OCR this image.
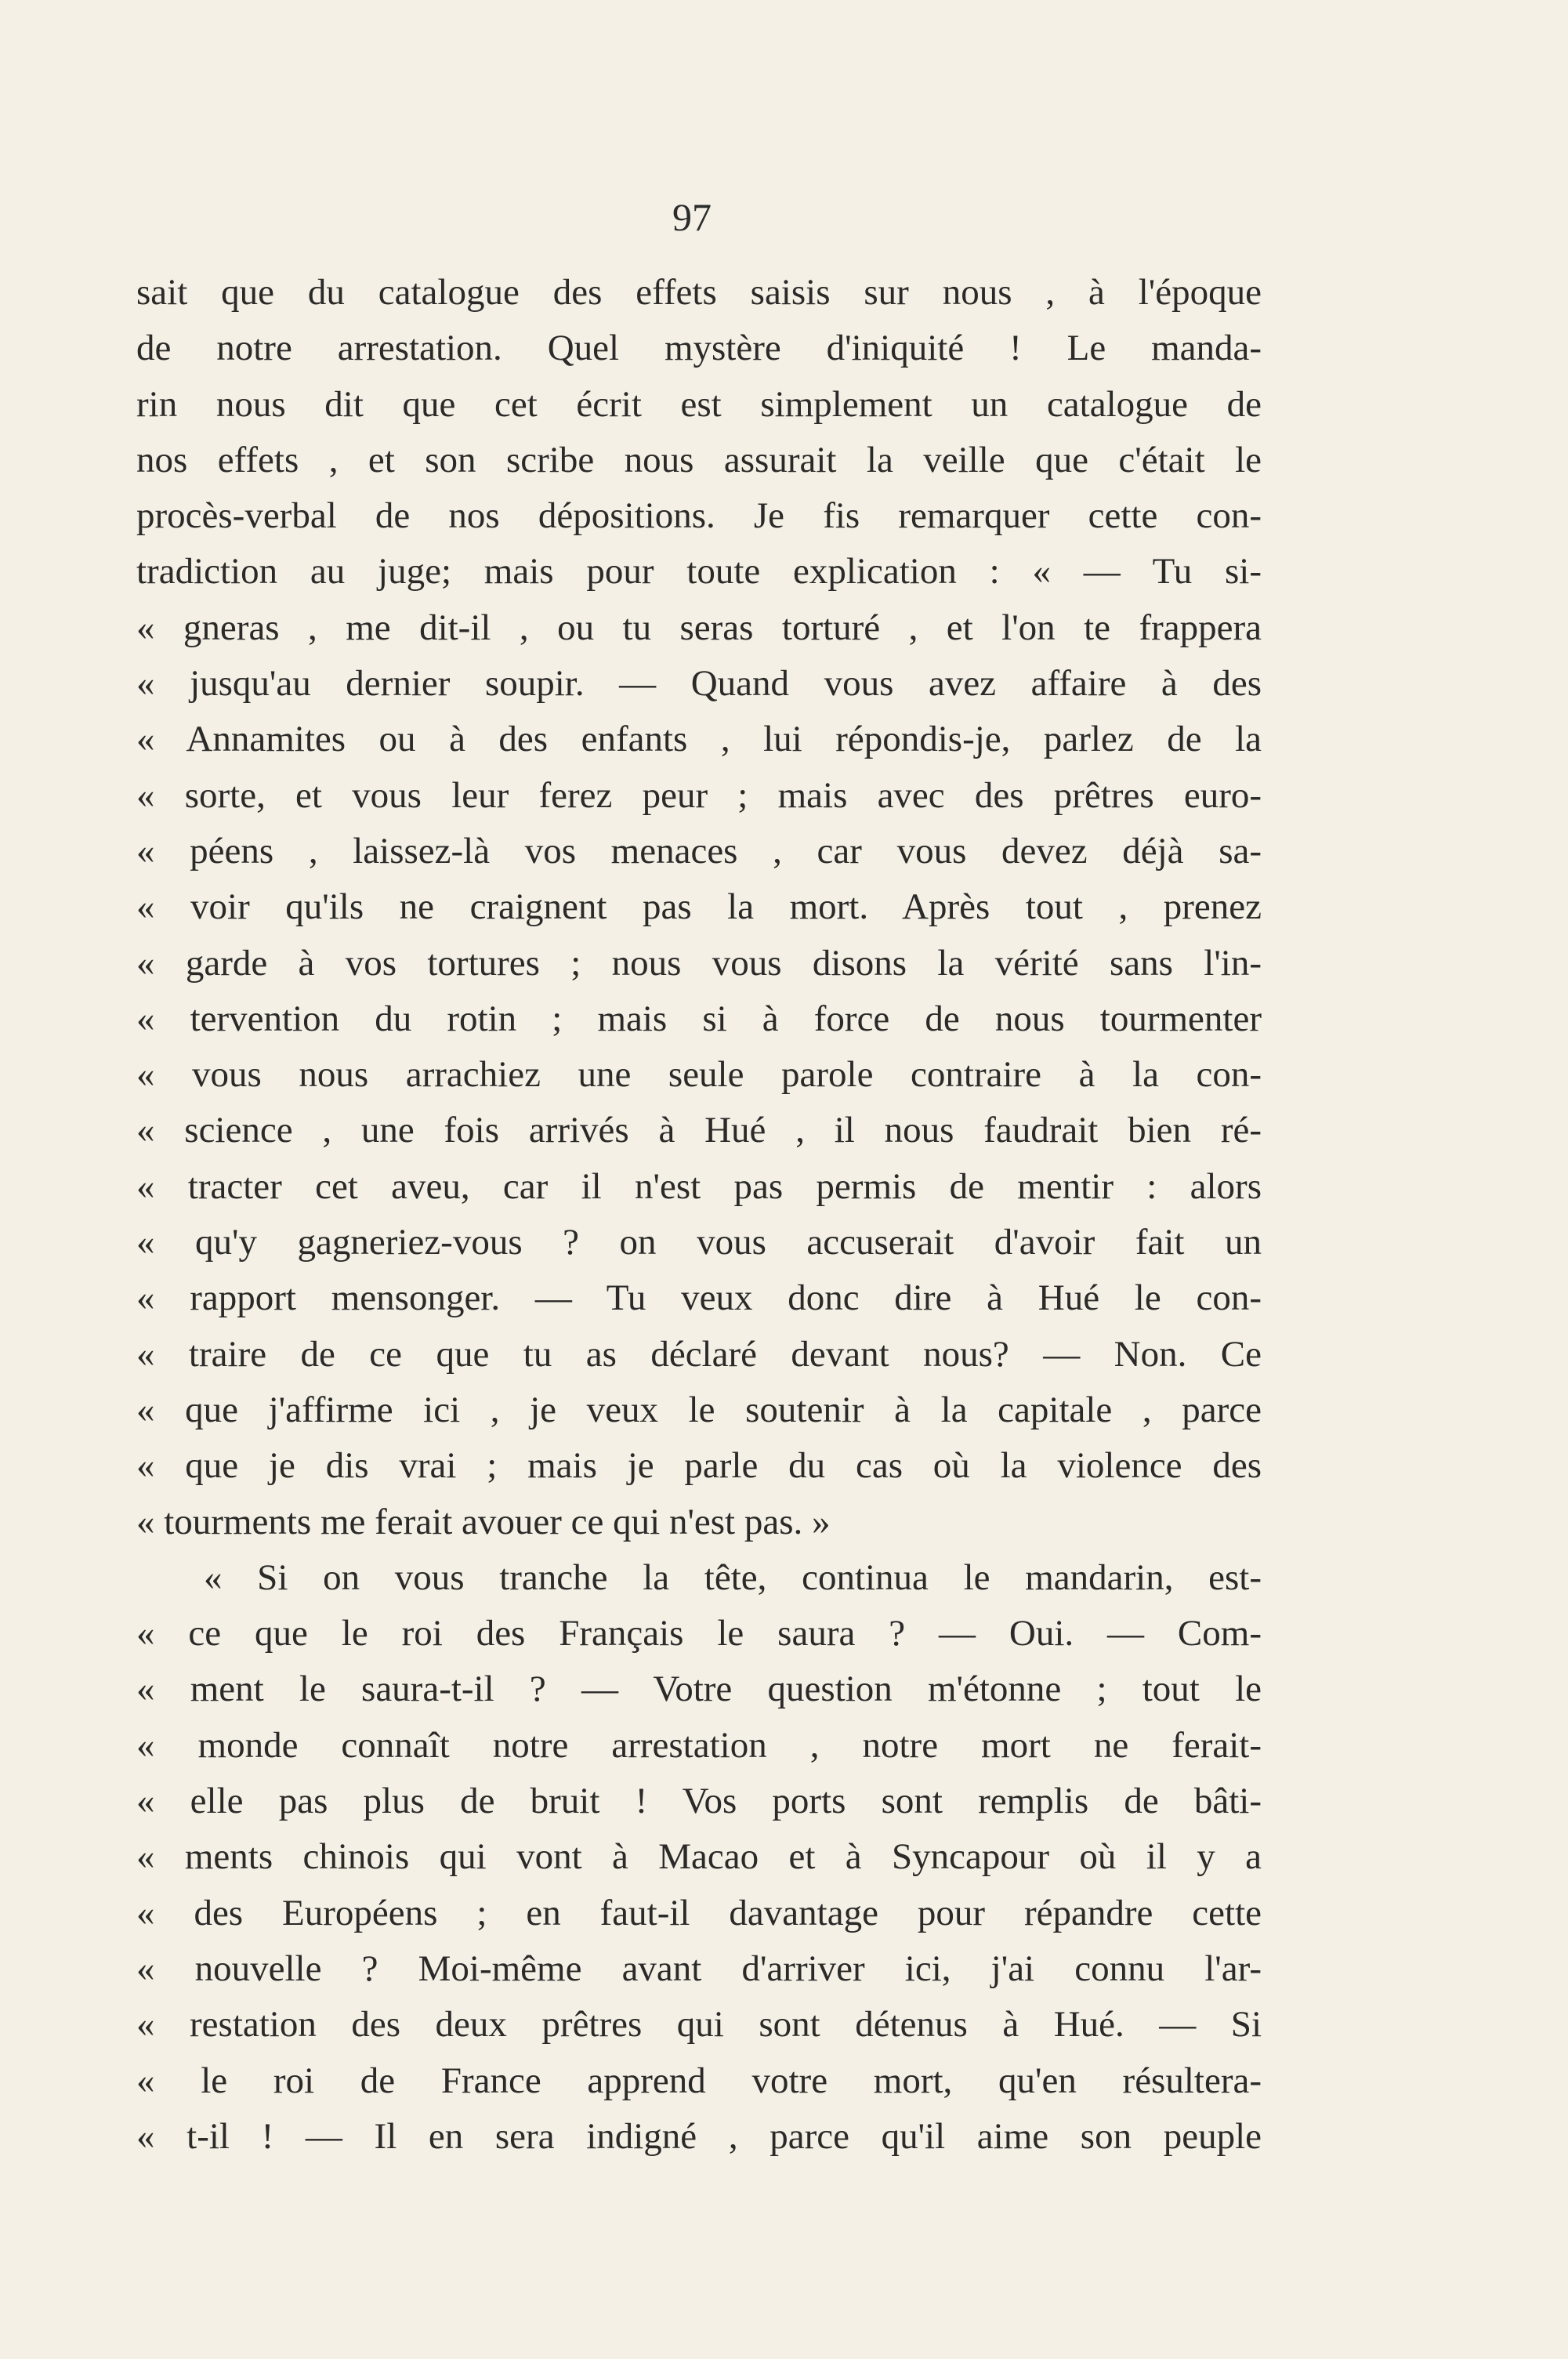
97
sait que du catalogue des effets saisis sur nous , à l'époque
de notre arrestation. Quel mystère d'iniquité ! Le manda-
rin nous dit que cet écrit est simplement un catalogue de
nos effets , et son scribe nous assurait la veille que c'était le
procès-verbal de nos dépositions. Je fis remarquer cette con-
tradiction au juge; mais pour toute explication : « — Tu si-
« gneras , me dit-il , ou tu seras torturé , et l'on te frappera
« jusqu'au dernier soupir. — Quand vous avez affaire à des
« Annamites ou à des enfants , lui répondis-je, parlez de la
« sorte, et vous leur ferez peur ; mais avec des prêtres euro-
« péens , laissez-là vos menaces , car vous devez déjà sa-
« voir qu'ils ne craignent pas la mort. Après tout , prenez
« garde à vos tortures ; nous vous disons la vérité sans l'in-
« tervention du rotin ; mais si à force de nous tourmenter
« vous nous arrachiez une seule parole contraire à la con-
« science , une fois arrivés à Hué , il nous faudrait bien ré-
« tracter cet aveu, car il n'est pas permis de mentir : alors
« qu'y gagneriez-vous ? on vous accuserait d'avoir fait un
« rapport mensonger. — Tu veux donc dire à Hué le con-
« traire de ce que tu as déclaré devant nous? — Non. Ce
« que j'affirme ici , je veux le soutenir à la capitale , parce
« que je dis vrai ; mais je parle du cas où la violence des
« tourments me ferait avouer ce qui n'est pas. »
« Si on vous tranche la tête, continua le mandarin, est-
« ce que le roi des Français le saura ? — Oui. — Com-
« ment le saura-t-il ? — Votre question m'étonne ; tout le
« monde connaît notre arrestation , notre mort ne ferait-
« elle pas plus de bruit ! Vos ports sont remplis de bâti-
« ments chinois qui vont à Macao et à Syncapour où il y a
« des Européens ; en faut-il davantage pour répandre cette
« nouvelle ? Moi-même avant d'arriver ici, j'ai connu l'ar-
« restation des deux prêtres qui sont détenus à Hué. — Si
« le roi de France apprend votre mort, qu'en résultera-
« t-il ! — Il en sera indigné , parce qu'il aime son peuple
